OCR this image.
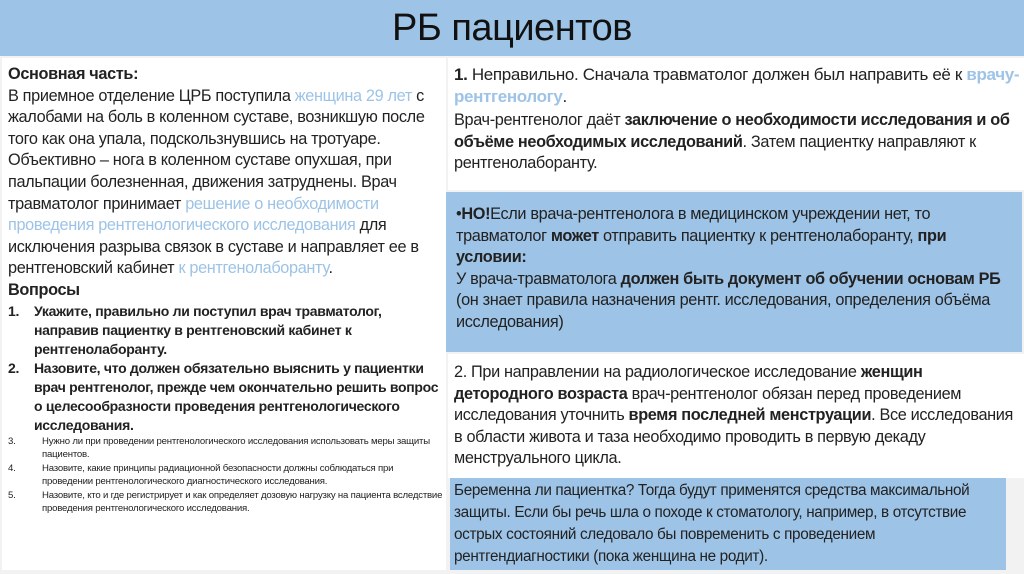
РБ пациентов

Основная часть:

В приемное отделение ЦРБ поступила женщина 29 лет с жалобами на боль в коленном суставе, возникшую после того как она упала, подскользнувшись на тротуаре. Объективно – нога в коленном суставе опухшая, при пальпации болезненная, движения затруднены. Врач травматолог принимает решение о необходимости проведения рентгенологического исследования для исключения разрыва связок в суставе и направляет ее в рентгеновский кабинет к рентгенолаборанту.

Вопросы

1.	Укажите, правильно ли поступил врач травматолог, направив пациентку в рентгеновский кабинет к рентгенолаборанту.
2.	Назовите, что должен обязательно выяснить у пациентки врач рентгенолог, прежде чем окончательно решить вопрос о целесообразности проведения рентгенологического исследования.
3.	Нужно ли при проведении рентгенологического исследования использовать меры защиты пациентов.
4.	Назовите, какие принципы радиационной безопасности должны соблюдаться при проведении рентгенологического диагностического исследования.
5.	Назовите, кто и где регистрирует и как определяет дозовую нагрузку на пациента вследствие проведения рентгенологического исследования.

1. Неправильно. Сначала травматолог должен был направить её к врачу-рентгенологу.

Врач-рентгенолог даёт заключение о необходимости исследования и об объёме необходимых исследований. Затем пациентку направляют к рентгенолаборанту.

•НО!Если врача-рентгенолога в медицинском учреждении нет, то травматолог может отправить пациентку к рентгенолаборанту, при условии:

У врача-травматолога должен быть документ об обучении основам РБ (он знает правила назначения рентг. исследования, определения объёма исследования)

2. При направлении на радиологическое исследование женщин детородного возраста врач-рентгенолог обязан перед проведением исследования уточнить время последней менструации. Все исследования в области живота и таза необходимо проводить в первую декаду менструального цикла.

Беременна ли пациентка? Тогда будут применятся средства максимальной защиты. Если бы речь шла о походе к стоматологу, например, в отсутствие острых состояний следовало бы повременить с проведением рентгендиагностики (пока женщина не родит).
